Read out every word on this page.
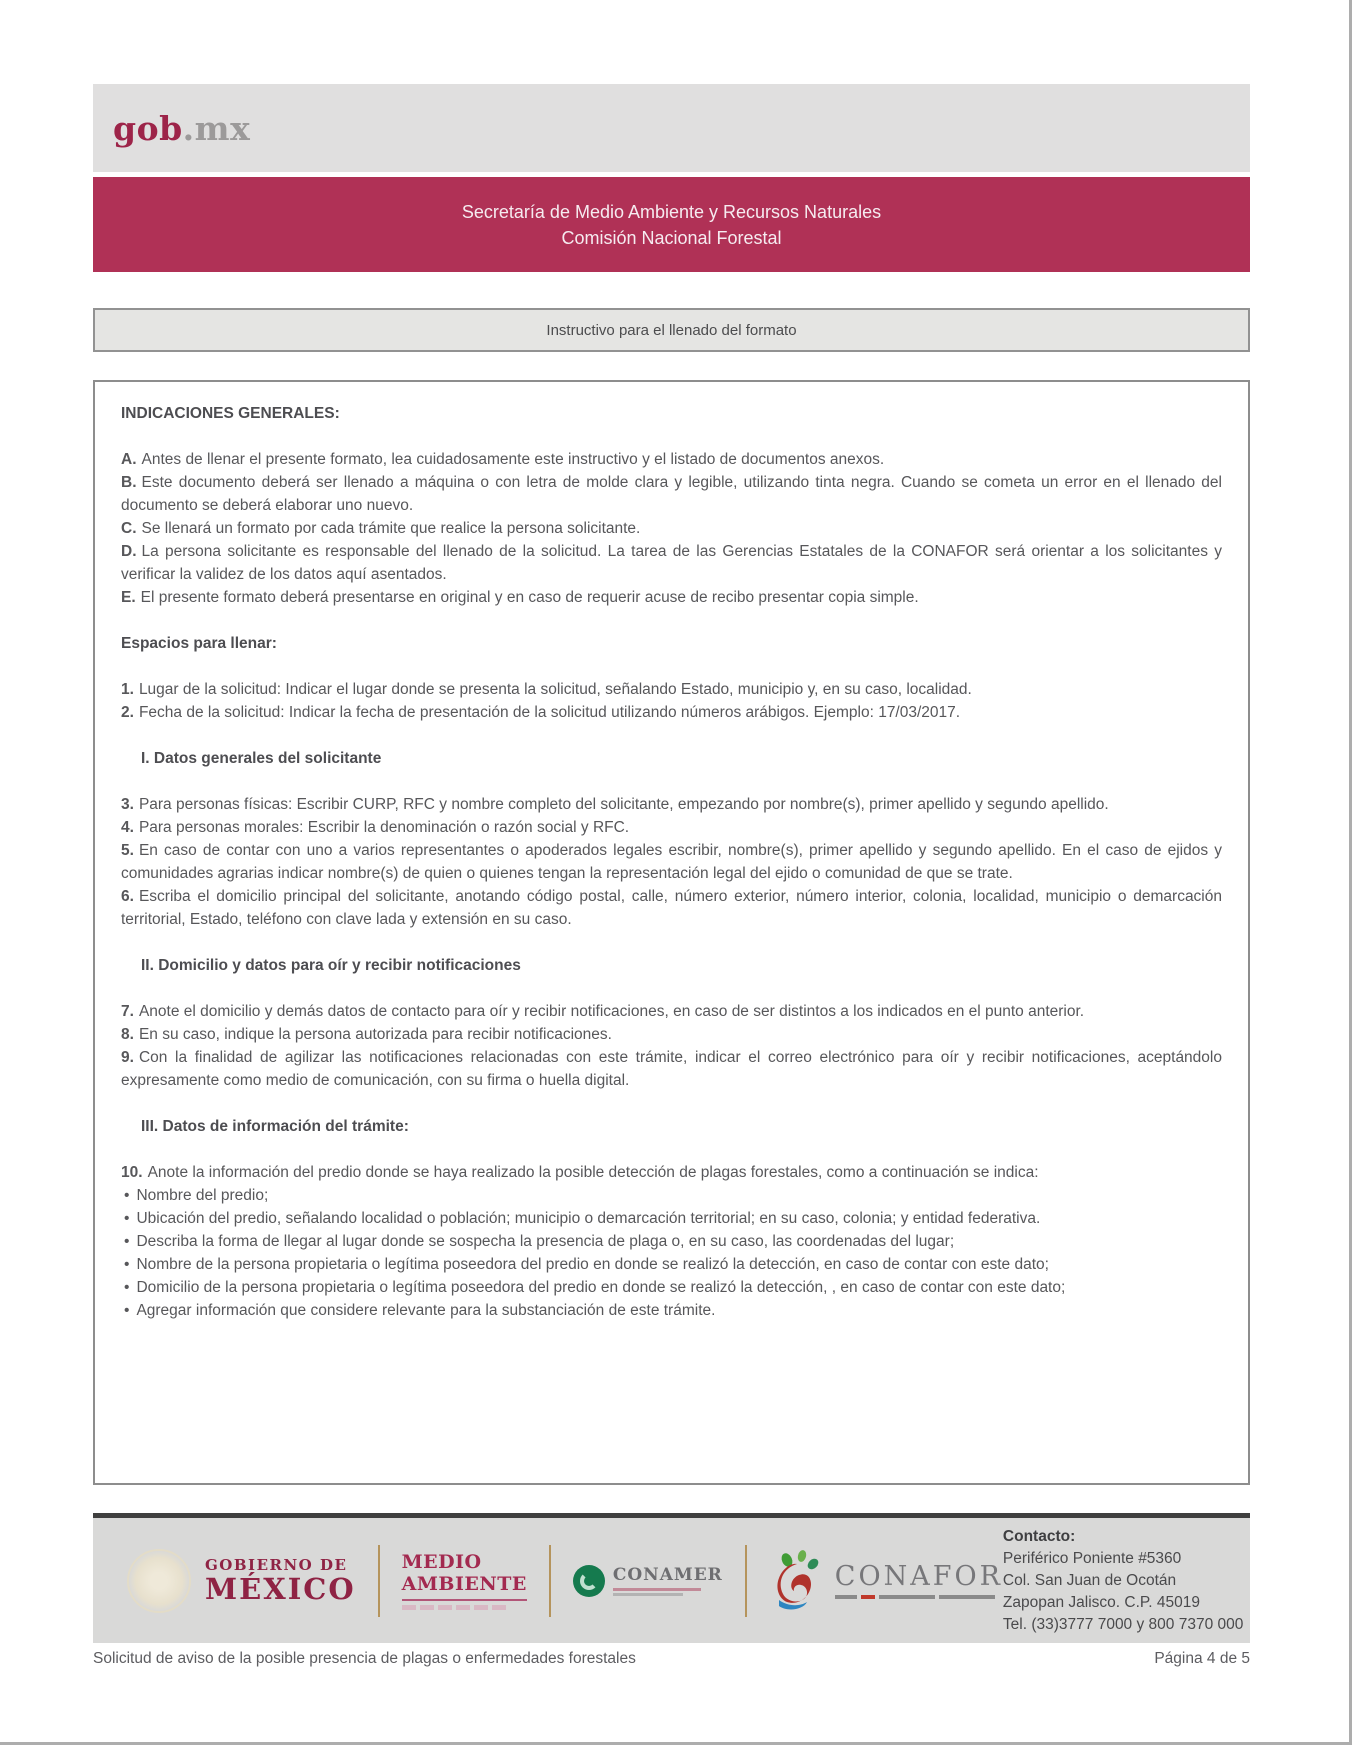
gob.mx
Secretaría de Medio Ambiente y Recursos Naturales
Comisión Nacional Forestal
Instructivo para el llenado del formato

INDICACIONES GENERALES:

A. Antes de llenar el presente formato, lea cuidadosamente este instructivo y el listado de documentos anexos.

B. Este documento deberá ser llenado a máquina o con letra de molde clara y legible, utilizando tinta negra. Cuando se cometa un error en el llenado del documento se deberá elaborar uno nuevo.

C. Se llenará un formato por cada trámite que realice la persona solicitante.

D. La persona solicitante es responsable del llenado de la solicitud. La tarea de las Gerencias Estatales de la CONAFOR será orientar a los solicitantes y verificar la validez de los datos aquí asentados.

E. El presente formato deberá presentarse en original y en caso de requerir acuse de recibo presentar copia simple.

Espacios para llenar:

1. Lugar de la solicitud: Indicar el lugar donde se presenta la solicitud, señalando Estado, municipio y, en su caso, localidad.

2. Fecha de la solicitud: Indicar la fecha de presentación de la solicitud utilizando números arábigos. Ejemplo: 17/03/2017.

I. Datos generales del solicitante

3. Para personas físicas: Escribir CURP, RFC y nombre completo del solicitante, empezando por nombre(s), primer apellido y segundo apellido.

4. Para personas morales: Escribir la denominación o razón social y RFC.

5. En caso de contar con uno a varios representantes o apoderados legales escribir, nombre(s), primer apellido y segundo apellido. En el caso de ejidos y comunidades agrarias indicar nombre(s) de quien o quienes tengan la representación legal del ejido o comunidad de que se trate.

6. Escriba el domicilio principal del solicitante, anotando código postal, calle, número exterior, número interior, colonia, localidad, municipio o demarcación territorial, Estado, teléfono con clave lada y extensión en su caso.

II. Domicilio y datos para oír y recibir notificaciones

7. Anote el domicilio y demás datos de contacto para oír y recibir notificaciones, en caso de ser distintos a los indicados en el punto anterior.

8. En su caso, indique la persona autorizada para recibir notificaciones.

9. Con la finalidad de agilizar las notificaciones relacionadas con este trámite, indicar el correo electrónico para oír y recibir notificaciones, aceptándolo expresamente como medio de comunicación, con su firma o huella digital.

III. Datos de información del trámite:

10. Anote la información del predio donde se haya realizado la posible detección de plagas forestales, como a continuación se indica:

• Nombre del predio;

• Ubicación del predio, señalando localidad o población; municipio o demarcación territorial; en su caso, colonia; y entidad federativa.

• Describa la forma de llegar al lugar donde se sospecha la presencia de plaga o, en su caso, las coordenadas del lugar;

• Nombre de la persona propietaria o legítima poseedora del predio en donde se realizó la detección, en caso de contar con este dato;

• Domicilio de la persona propietaria o legítima poseedora del predio en donde se realizó la detección, , en caso de contar con este dato;

• Agregar información que considere relevante para la substanciación de este trámite.

GOBIERNO DE
MÉXICO
MEDIO AMBIENTE	CONAMER	CONAFOR
Contacto:
Periférico Poniente #5360
Col. San Juan de Ocotán
Zapopan Jalisco. C.P. 45019
Tel. (33)3777 7000 y 800 7370 000
Solicitud de aviso de la posible presencia de plagas o enfermedades forestales	Página 4 de 5
